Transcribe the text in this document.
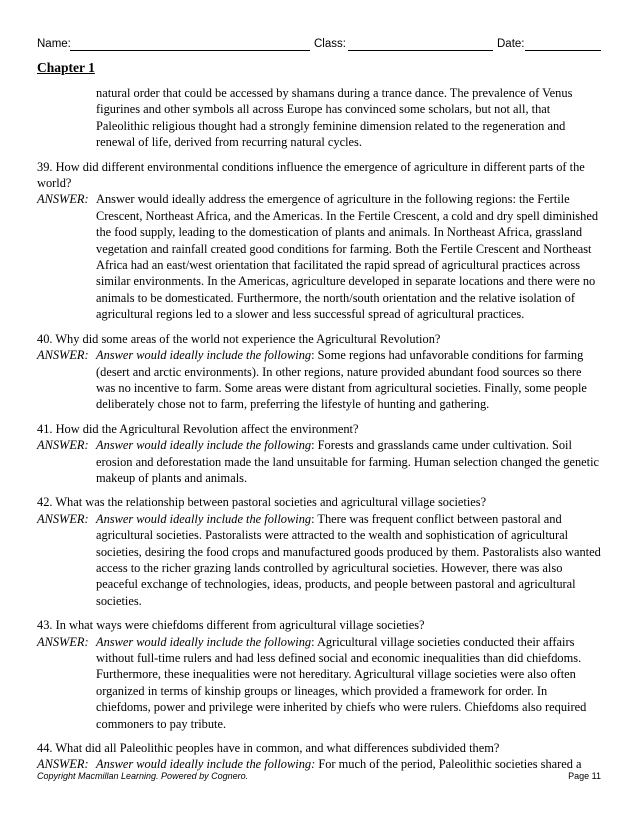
Name:	Class:	Date:
Chapter 1
natural order that could be accessed by shamans during a trance dance. The prevalence of Venus figurines and other symbols all across Europe has convinced some scholars, but not all, that Paleolithic religious thought had a strongly feminine dimension related to the regeneration and renewal of life, derived from recurring natural cycles.
39. How did different environmental conditions influence the emergence of agriculture in different parts of the world?
ANSWER: Answer would ideally address the emergence of agriculture in the following regions: the Fertile Crescent, Northeast Africa, and the Americas. In the Fertile Crescent, a cold and dry spell diminished the food supply, leading to the domestication of plants and animals. In Northeast Africa, grassland vegetation and rainfall created good conditions for farming. Both the Fertile Crescent and Northeast Africa had an east/west orientation that facilitated the rapid spread of agricultural practices across similar environments. In the Americas, agriculture developed in separate locations and there were no animals to be domesticated. Furthermore, the north/south orientation and the relative isolation of agricultural regions led to a slower and less successful spread of agricultural practices.
40. Why did some areas of the world not experience the Agricultural Revolution?
ANSWER: Answer would ideally include the following: Some regions had unfavorable conditions for farming (desert and arctic environments). In other regions, nature provided abundant food sources so there was no incentive to farm. Some areas were distant from agricultural societies. Finally, some people deliberately chose not to farm, preferring the lifestyle of hunting and gathering.
41. How did the Agricultural Revolution affect the environment?
ANSWER: Answer would ideally include the following: Forests and grasslands came under cultivation. Soil erosion and deforestation made the land unsuitable for farming. Human selection changed the genetic makeup of plants and animals.
42. What was the relationship between pastoral societies and agricultural village societies?
ANSWER: Answer would ideally include the following: There was frequent conflict between pastoral and agricultural societies. Pastoralists were attracted to the wealth and sophistication of agricultural societies, desiring the food crops and manufactured goods produced by them. Pastoralists also wanted access to the richer grazing lands controlled by agricultural societies. However, there was also peaceful exchange of technologies, ideas, products, and people between pastoral and agricultural societies.
43. In what ways were chiefdoms different from agricultural village societies?
ANSWER: Answer would ideally include the following: Agricultural village societies conducted their affairs without full-time rulers and had less defined social and economic inequalities than did chiefdoms. Furthermore, these inequalities were not hereditary. Agricultural village societies were also often organized in terms of kinship groups or lineages, which provided a framework for order. In chiefdoms, power and privilege were inherited by chiefs who were rulers. Chiefdoms also required commoners to pay tribute.
44. What did all Paleolithic peoples have in common, and what differences subdivided them?
ANSWER: Answer would ideally include the following: For much of the period, Paleolithic societies shared a
Copyright Macmillan Learning. Powered by Cognero.	Page 11
